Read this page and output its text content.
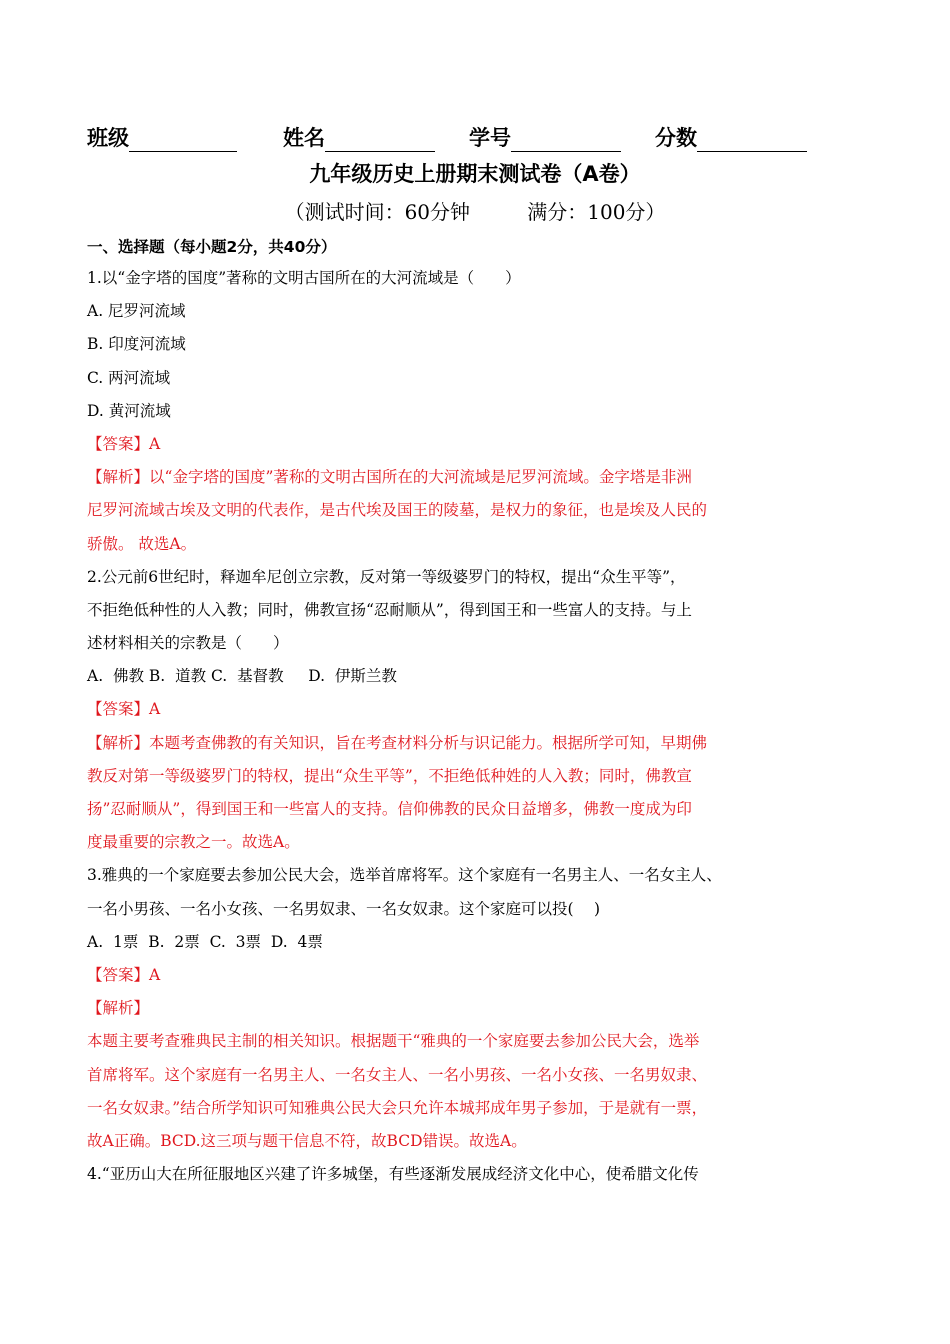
班级	姓名	学号	分数
九年级历史上册期末测试卷（A卷）
（测试时间：60分钟         满分：100分）
一、选择题（每小题2分，共40分）
1.以“金字塔的国度”著称的文明古国所在的大河流域是（　　）
A. 尼罗河流域
B. 印度河流域
C. 两河流域
D. 黄河流域
【答案】A
【解析】以“金字塔的国度”著称的文明古国所在的大河流域是尼罗河流域。金字塔是非洲
尼罗河流域古埃及文明的代表作，是古代埃及国王的陵墓，是权力的象征，也是埃及人民的
骄傲。 故选A。
2.公元前6世纪时，释迦牟尼创立宗教，反对第一等级婆罗门的特权，提出“众生平等”，
不拒绝低种性的人入教；同时，佛教宣扬“忍耐顺从”，得到国王和一些富人的支持。与上
述材料相关的宗教是（　　）
A.  佛教 B.  道教 C.  基督教     D.  伊斯兰教
【答案】A
【解析】本题考查佛教的有关知识，旨在考查材料分析与识记能力。根据所学可知，早期佛
教反对第一等级婆罗门的特权，提出“众生平等”，不拒绝低种姓的人入教；同时，佛教宣
扬”忍耐顺从”，得到国王和一些富人的支持。信仰佛教的民众日益增多，佛教一度成为印
度最重要的宗教之一。故选A。
3.雅典的一个家庭要去参加公民大会，选举首席将军。这个家庭有一名男主人、一名女主人、
一名小男孩、一名小女孩、一名男奴隶、一名女奴隶。这个家庭可以投(　 )
A.  1票  B.  2票  C.  3票  D.  4票
【答案】A
【解析】
本题主要考查雅典民主制的相关知识。根据题干“雅典的一个家庭要去参加公民大会，选举
首席将军。这个家庭有一名男主人、一名女主人、一名小男孩、一名小女孩、一名男奴隶、
一名女奴隶。”结合所学知识可知雅典公民大会只允许本城邦成年男子参加，于是就有一票，
故A正确。BCD.这三项与题干信息不符，故BCD错误。故选A。
4.“亚历山大在所征服地区兴建了许多城堡，有些逐渐发展成经济文化中心，使希腊文化传
